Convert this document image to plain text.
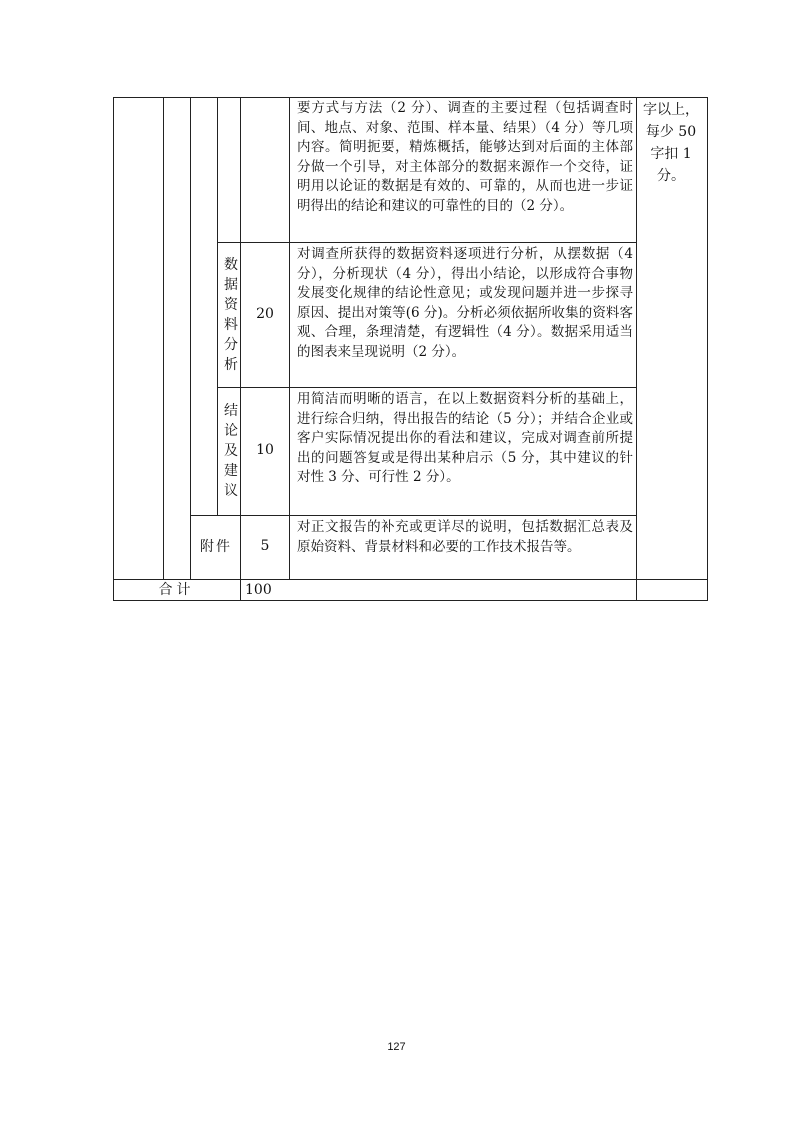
要方式与方法（2 分）、调查的主要过程（包括调查时间、地点、对象、范围、样本量、结果）（4 分）等几项内容。简明扼要，精炼概括，能够达到对后面的主体部分做一个引导，对主体部分的数据来源作一个交待，证明用以论证的数据是有效的、可靠的，从而也进一步证明得出的结论和建议的可靠性的目的（2 分）。
字以上，每少 50 字扣 1 分。
数据资料分析
20
对调查所获得的数据资料逐项进行分析，从摆数据（4 分），分析现状（4 分），得出小结论，以形成符合事物发展变化规律的结论性意见；或发现问题并进一步探寻原因、提出对策等(6 分)。分析必须依据所收集的资料客观、合理，条理清楚，有逻辑性（4 分）。数据采用适当的图表来呈现说明（2 分）。
结论及建议
10
用简洁而明晰的语言，在以上数据资料分析的基础上，进行综合归纳，得出报告的结论（5 分）；并结合企业或客户实际情况提出你的看法和建议，完成对调查前所提出的问题答复或是得出某种启示（5 分，其中建议的针对性 3 分、可行性 2 分）。
附件	5
对正文报告的补充或更详尽的说明，包括数据汇总表及原始资料、背景材料和必要的工作技术报告等。
合计	100
127
